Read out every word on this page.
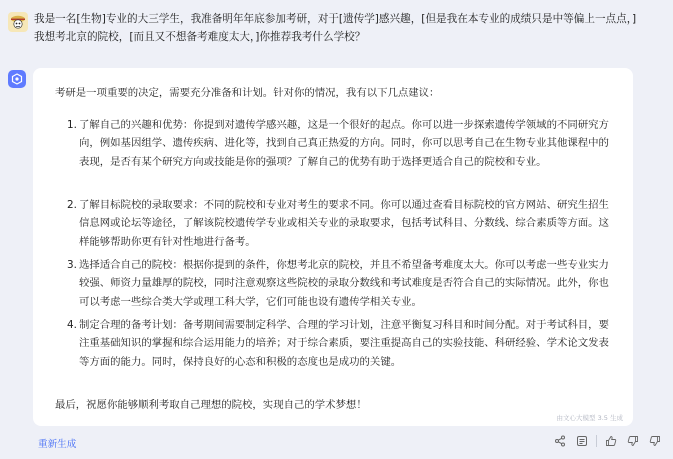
我是一名[生物]专业的大三学生，我准备明年年底参加考研，对于[遗传学]感兴趣，[但是我在本专业的成绩只是中等偏上一点点，]我想考北京的院校，[而且又不想备考难度太大，]你推荐我考什么学校？
考研是一项重要的决定，需要充分准备和计划。针对你的情况，我有以下几点建议：
1. 了解自己的兴趣和优势：你提到对遗传学感兴趣，这是一个很好的起点。你可以进一步探索遗传学领域的不同研究方向，例如基因组学、遗传疾病、进化等，找到自己真正热爱的方向。同时，你可以思考自己在生物专业其他课程中的表现，是否有某个研究方向或技能是你的强项？了解自己的优势有助于选择更适合自己的院校和专业。
2. 了解目标院校的录取要求：不同的院校和专业对考生的要求不同。你可以通过查看目标院校的官方网站、研究生招生信息网或论坛等途径，了解该院校遗传学专业或相关专业的录取要求，包括考试科目、分数线、综合素质等方面。这样能够帮助你更有针对性地进行备考。
3. 选择适合自己的院校：根据你提到的条件，你想考北京的院校，并且不希望备考难度太大。你可以考虑一些专业实力较强、师资力量雄厚的院校，同时注意观察这些院校的录取分数线和考试难度是否符合自己的实际情况。此外，你也可以考虑一些综合类大学或理工科大学，它们可能也设有遗传学相关专业。
4. 制定合理的备考计划：备考期间需要制定科学、合理的学习计划，注意平衡复习科目和时间分配。对于考试科目，要注重基础知识的掌握和综合运用能力的培养；对于综合素质，要注重提高自己的实验技能、科研经验、学术论文发表等方面的能力。同时，保持良好的心态和积极的态度也是成功的关键。
最后，祝愿你能够顺利考取自己理想的院校，实现自己的学术梦想！
由文心大模型 3.5 生成
重新生成
